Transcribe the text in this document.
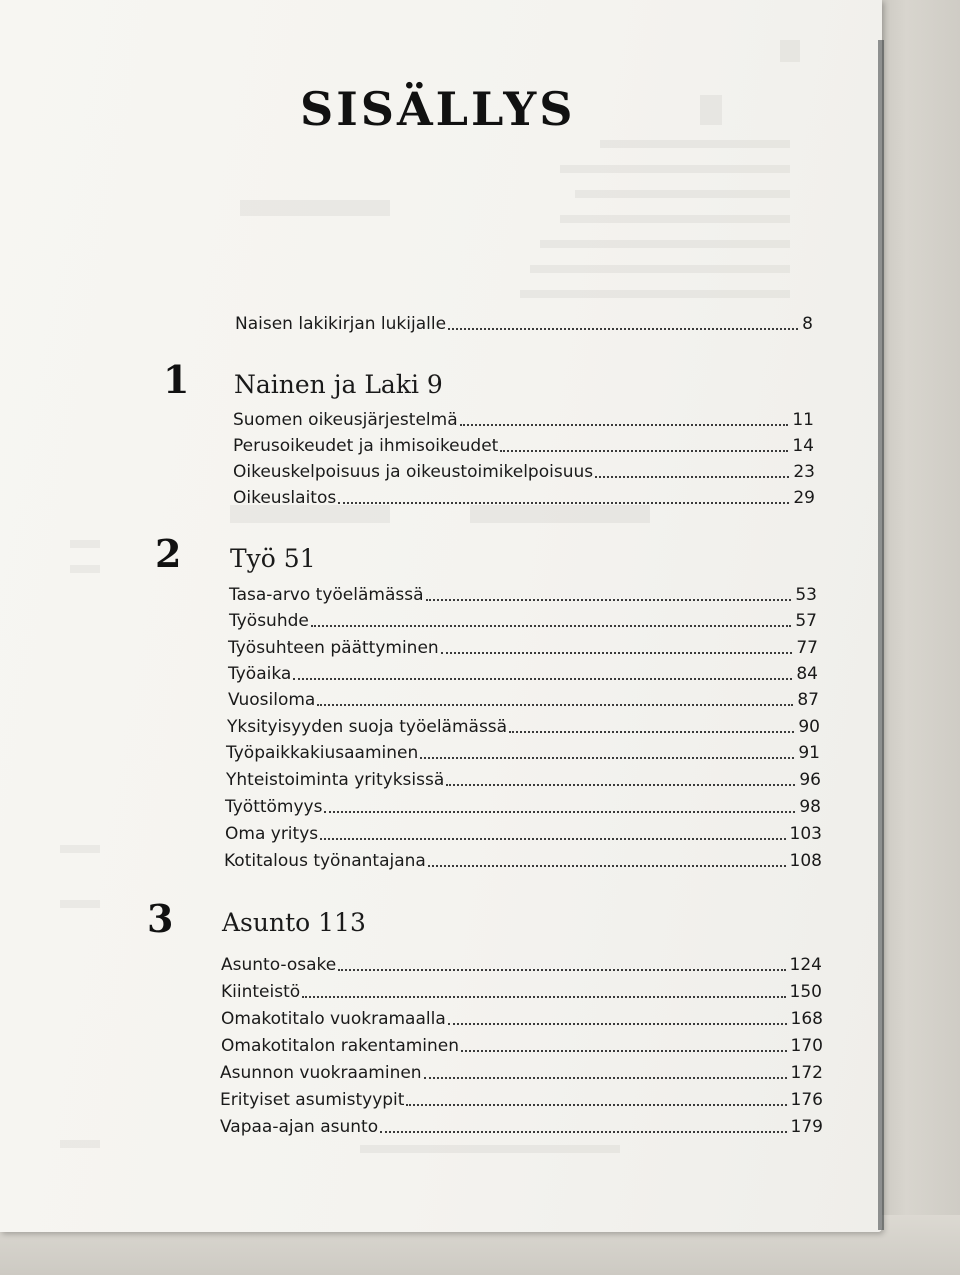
SISÄLLYS
Naisen lakikirjan lukijalle	8
1 Nainen ja Laki 9
Suomen oikeusjärjestelmä	11
Perusoikeudet ja ihmisoikeudet	14
Oikeuskelpoisuus ja oikeustoimikelpoisuus	23
Oikeuslaitos	29
2 Työ 51
Tasa-arvo työelämässä	53
Työsuhde	57
Työsuhteen päättyminen	77
Työaika	84
Vuosiloma	87
Yksityisyyden suoja työelämässä	90
Työpaikkakiusaaminen	91
Yhteistoiminta yrityksissä	96
Työttömyys	98
Oma yritys	103
Kotitalous työnantajana	108
3 Asunto 113
Asunto-osake	124
Kiinteistö	150
Omakotitalo vuokramaalla	168
Omakotitalon rakentaminen	170
Asunnon vuokraaminen	172
Erityiset asumistyypit	176
Vapaa-ajan asunto	179
